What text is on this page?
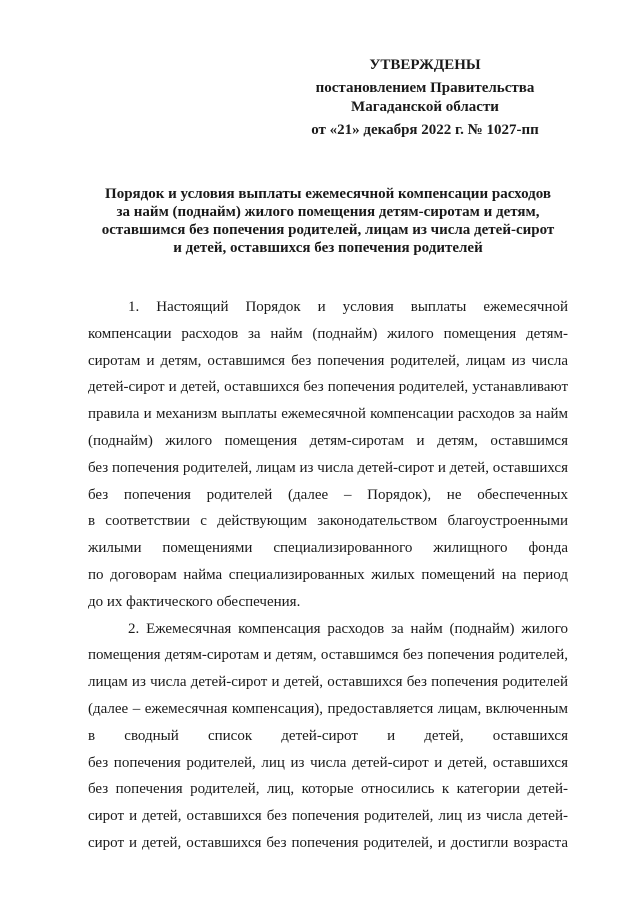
УТВЕРЖДЕНЫ
постановлением Правительства
Магаданской области
от «21» декабря 2022 г. № 1027-пп
Порядок и условия выплаты ежемесячной компенсации расходов
за найм (поднайм) жилого помещения детям-сиротам и детям,
оставшимся без попечения родителей, лицам из числа детей-сирот
и детей, оставшихся без попечения родителей
1. Настоящий Порядок и условия выплаты ежемесячной
компенсации расходов за найм (поднайм) жилого помещения детям-
сиротам и детям, оставшимся без попечения родителей, лицам из числа
детей-сирот и детей, оставшихся без попечения родителей, устанавливают
правила и механизм выплаты ежемесячной компенсации расходов за найм
(поднайм) жилого помещения детям-сиротам и детям, оставшимся
без попечения родителей, лицам из числа детей-сирот и детей, оставшихся
без попечения родителей (далее – Порядок), не обеспеченных
в соответствии с действующим законодательством благоустроенными
жилыми помещениями специализированного жилищного фонда
по договорам найма специализированных жилых помещений на период
до их фактического обеспечения.
2. Ежемесячная компенсация расходов за найм (поднайм) жилого
помещения детям-сиротам и детям, оставшимся без попечения родителей,
лицам из числа детей-сирот и детей, оставшихся без попечения родителей
(далее – ежемесячная компенсация), предоставляется лицам, включенным
в сводный список детей-сирот и детей, оставшихся
без попечения родителей, лиц из числа детей-сирот и детей, оставшихся
без попечения родителей, лиц, которые относились к категории детей-
сирот и детей, оставшихся без попечения родителей, лиц из числа детей-
сирот и детей, оставшихся без попечения родителей, и достигли возраста
